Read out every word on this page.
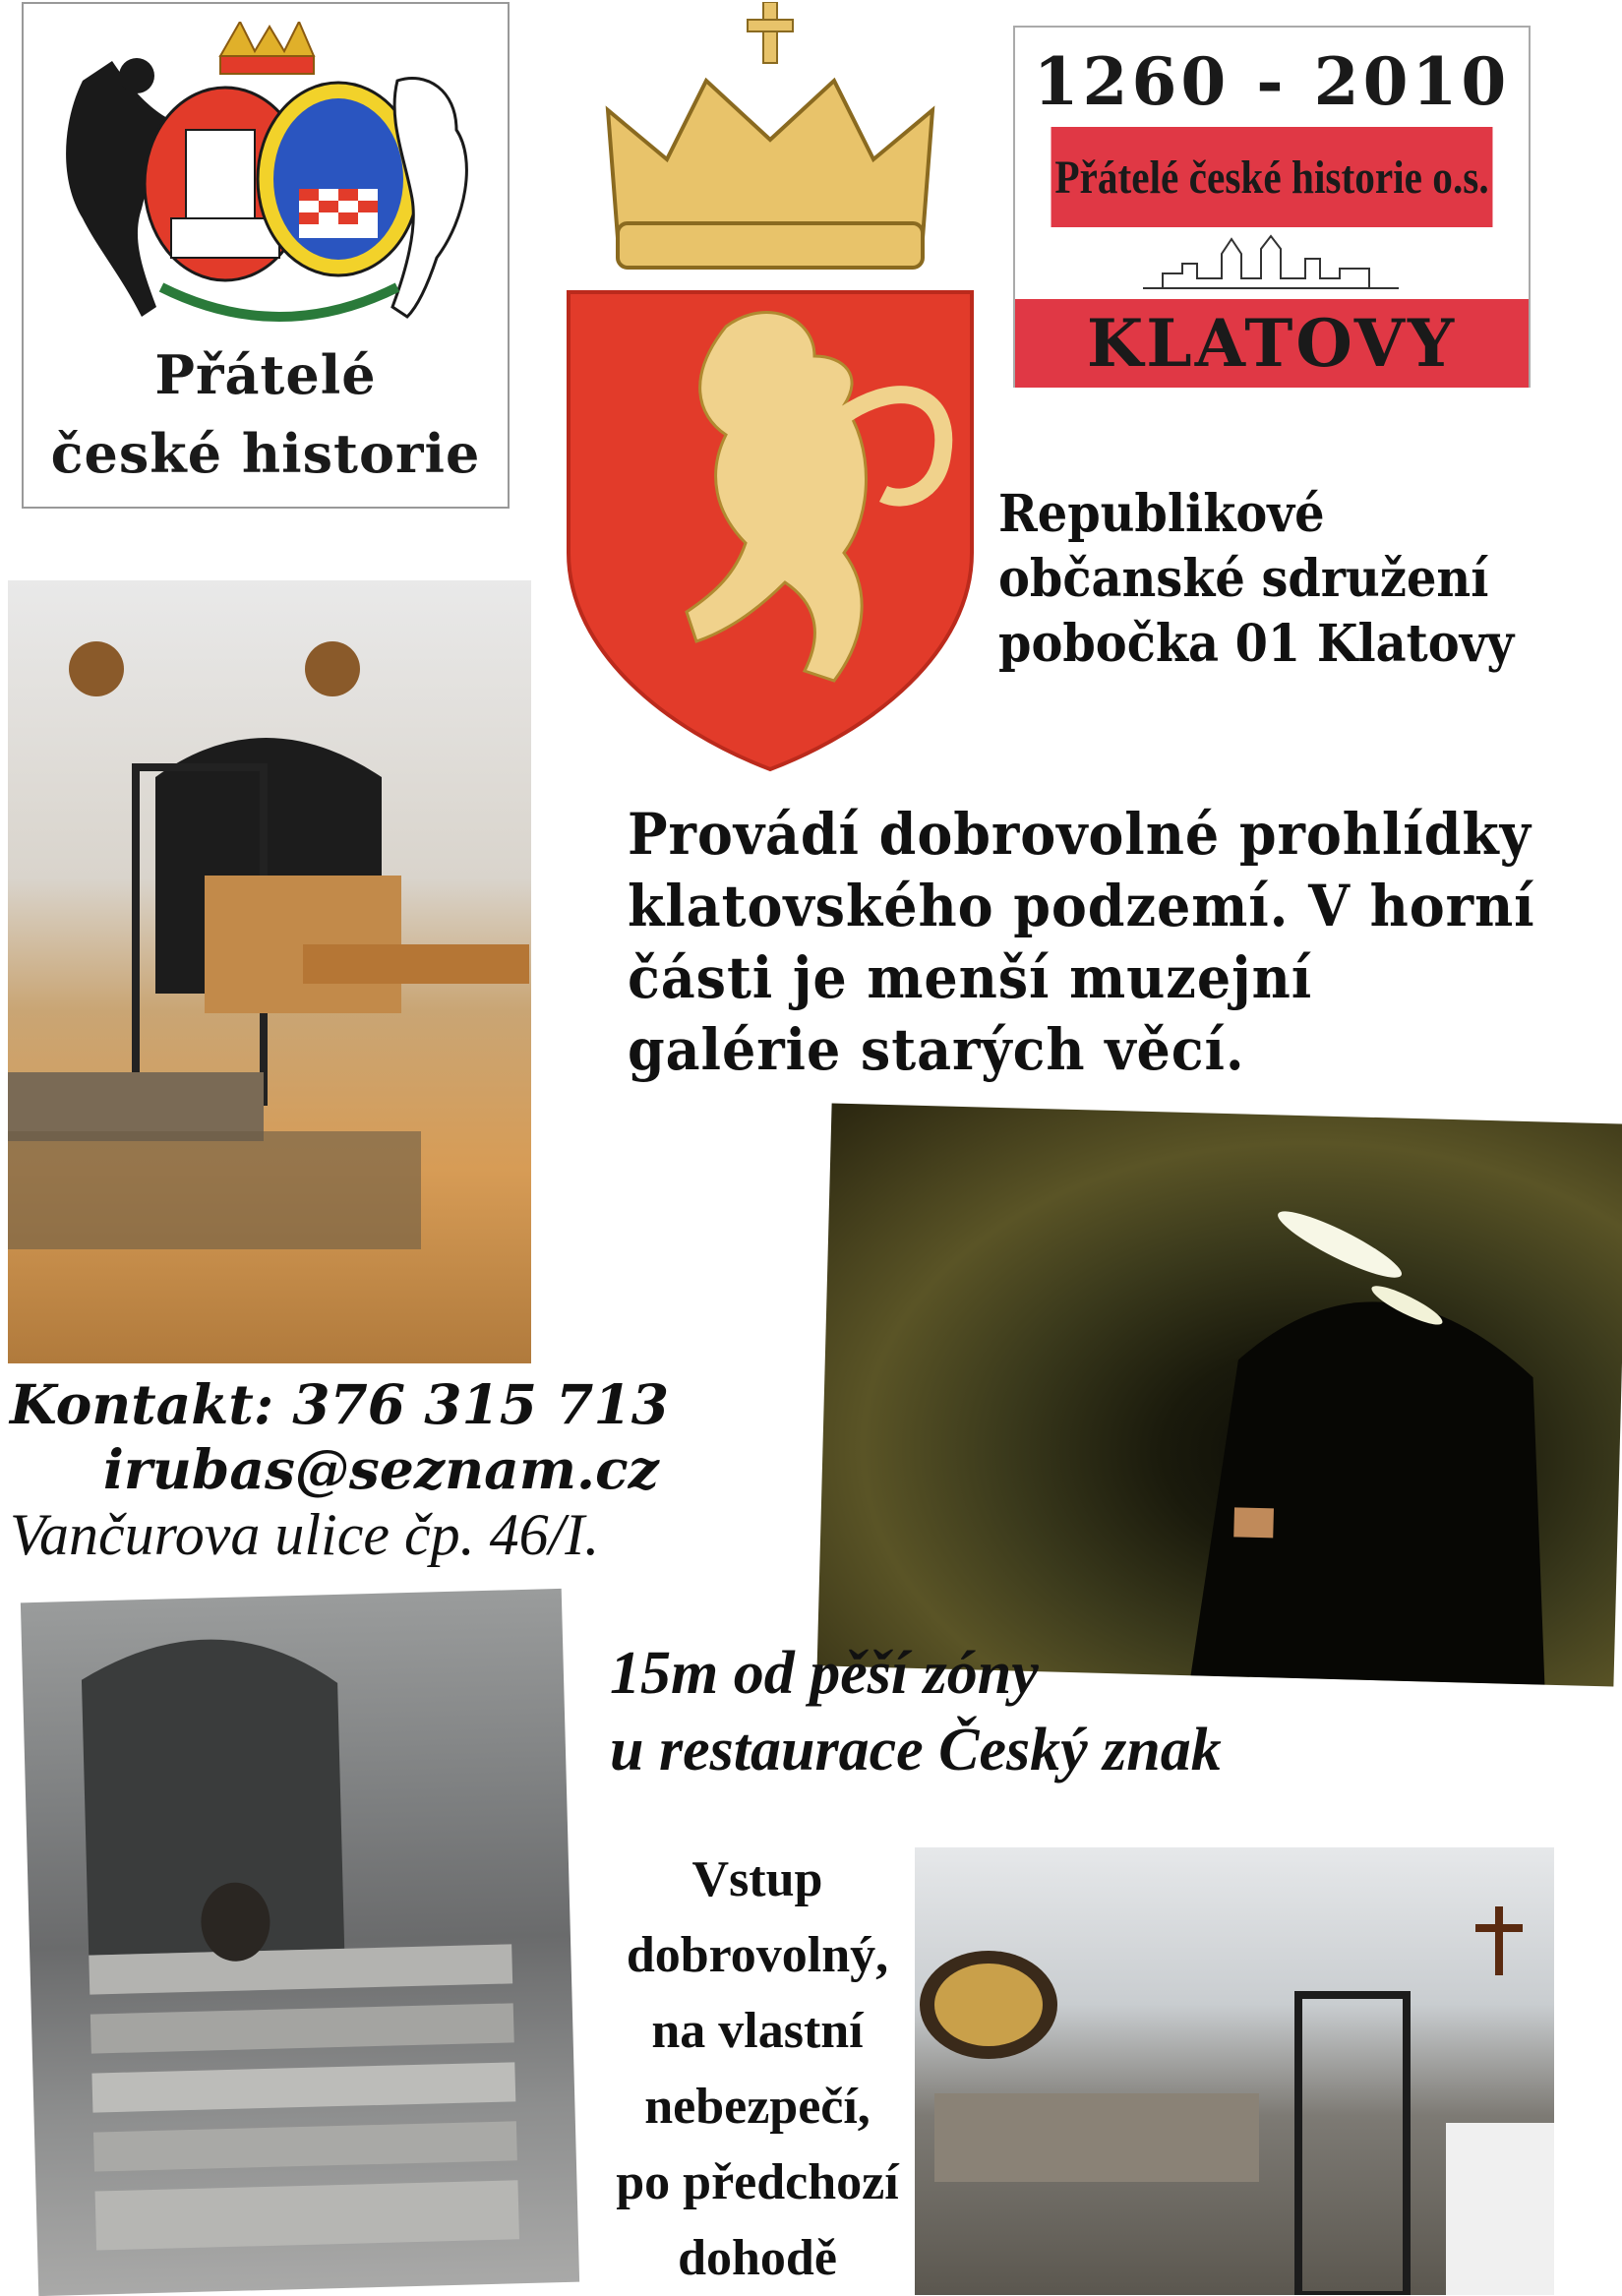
Přátelé
české historie
1260 - 2010
Přátelé české historie o.s.
KLATOVY
Republikové
občanské sdružení
pobočka 01 Klatovy
Provádí dobrovolné prohlídky
klatovského podzemí. V horní
části je menší muzejní
galérie starých věcí.
Kontakt: 376 315 713
irubas@seznam.cz
Vančurova ulice čp. 46/I.
15m od pěší zóny
u restaurace Český znak
Vstup
dobrovolný,
na vlastní
nebezpečí,
po předchozí
dohodě
